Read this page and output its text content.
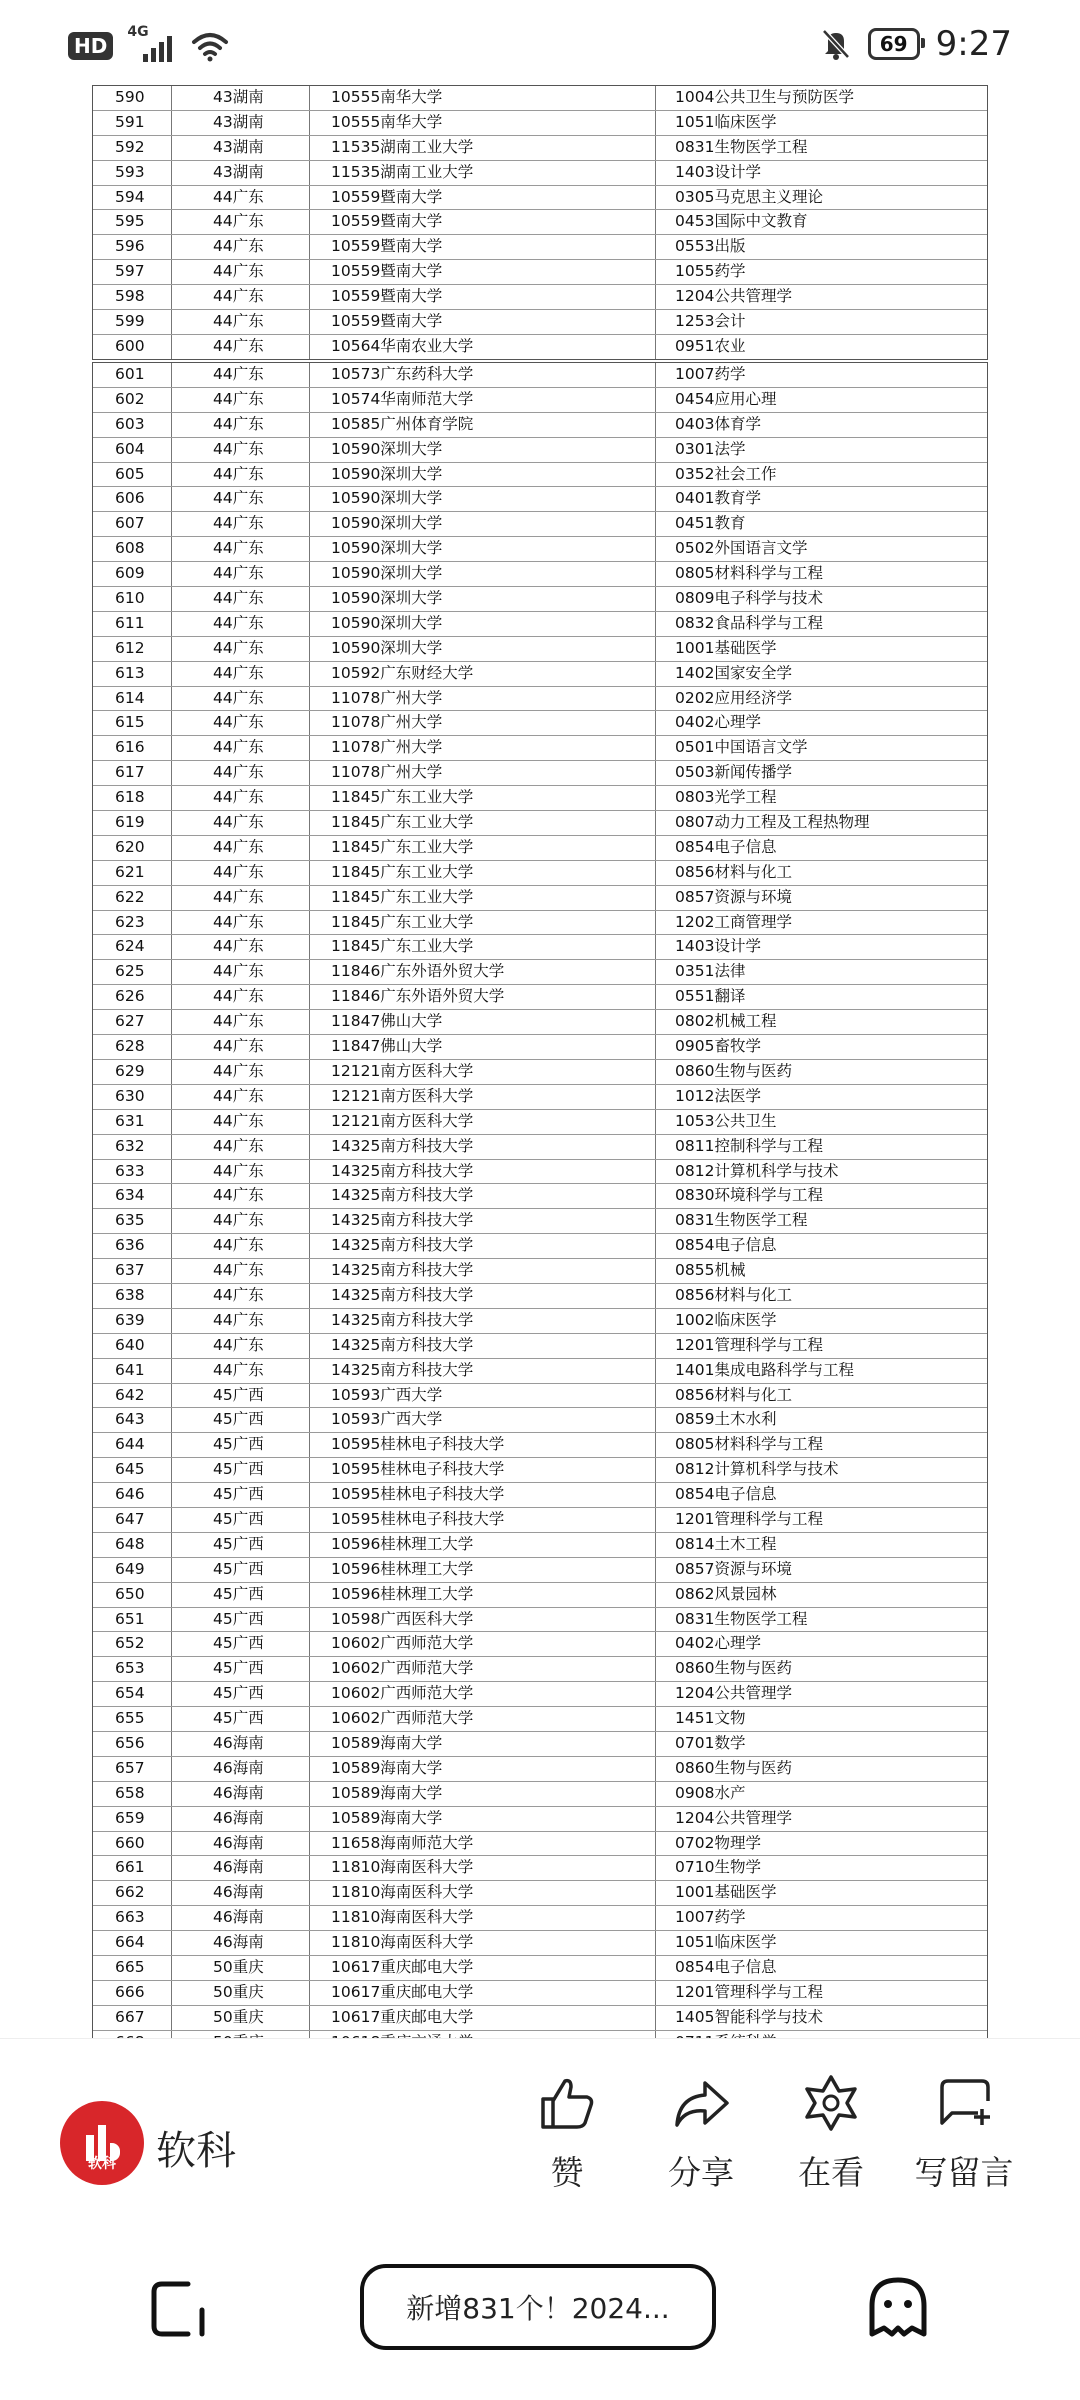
HD
4G	69 9:27
590	43湖南	10555南华大学	1004公共卫生与预防医学
591	43湖南	10555南华大学	1051临床医学
592	43湖南	11535湖南工业大学	0831生物医学工程
593	43湖南	11535湖南工业大学	1403设计学
594	44广东	10559暨南大学	0305马克思主义理论
595	44广东	10559暨南大学	0453国际中文教育
596	44广东	10559暨南大学	0553出版
597	44广东	10559暨南大学	1055药学
598	44广东	10559暨南大学	1204公共管理学
599	44广东	10559暨南大学	1253会计
600	44广东	10564华南农业大学	0951农业
601	44广东	10573广东药科大学	1007药学
602	44广东	10574华南师范大学	0454应用心理
603	44广东	10585广州体育学院	0403体育学
604	44广东	10590深圳大学	0301法学
605	44广东	10590深圳大学	0352社会工作
606	44广东	10590深圳大学	0401教育学
607	44广东	10590深圳大学	0451教育
608	44广东	10590深圳大学	0502外国语言文学
609	44广东	10590深圳大学	0805材料科学与工程
610	44广东	10590深圳大学	0809电子科学与技术
611	44广东	10590深圳大学	0832食品科学与工程
612	44广东	10590深圳大学	1001基础医学
613	44广东	10592广东财经大学	1402国家安全学
614	44广东	11078广州大学	0202应用经济学
615	44广东	11078广州大学	0402心理学
616	44广东	11078广州大学	0501中国语言文学
617	44广东	11078广州大学	0503新闻传播学
618	44广东	11845广东工业大学	0803光学工程
619	44广东	11845广东工业大学	0807动力工程及工程热物理
620	44广东	11845广东工业大学	0854电子信息
621	44广东	11845广东工业大学	0856材料与化工
622	44广东	11845广东工业大学	0857资源与环境
623	44广东	11845广东工业大学	1202工商管理学
624	44广东	11845广东工业大学	1403设计学
625	44广东	11846广东外语外贸大学	0351法律
626	44广东	11846广东外语外贸大学	0551翻译
627	44广东	11847佛山大学	0802机械工程
628	44广东	11847佛山大学	0905畜牧学
629	44广东	12121南方医科大学	0860生物与医药
630	44广东	12121南方医科大学	1012法医学
631	44广东	12121南方医科大学	1053公共卫生
632	44广东	14325南方科技大学	0811控制科学与工程
633	44广东	14325南方科技大学	0812计算机科学与技术
634	44广东	14325南方科技大学	0830环境科学与工程
635	44广东	14325南方科技大学	0831生物医学工程
636	44广东	14325南方科技大学	0854电子信息
637	44广东	14325南方科技大学	0855机械
638	44广东	14325南方科技大学	0856材料与化工
639	44广东	14325南方科技大学	1002临床医学
640	44广东	14325南方科技大学	1201管理科学与工程
641	44广东	14325南方科技大学	1401集成电路科学与工程
642	45广西	10593广西大学	0856材料与化工
643	45广西	10593广西大学	0859土木水利
644	45广西	10595桂林电子科技大学	0805材料科学与工程
645	45广西	10595桂林电子科技大学	0812计算机科学与技术
646	45广西	10595桂林电子科技大学	0854电子信息
647	45广西	10595桂林电子科技大学	1201管理科学与工程
648	45广西	10596桂林理工大学	0814土木工程
649	45广西	10596桂林理工大学	0857资源与环境
650	45广西	10596桂林理工大学	0862风景园林
651	45广西	10598广西医科大学	0831生物医学工程
652	45广西	10602广西师范大学	0402心理学
653	45广西	10602广西师范大学	0860生物与医药
654	45广西	10602广西师范大学	1204公共管理学
655	45广西	10602广西师范大学	1451文物
656	46海南	10589海南大学	0701数学
657	46海南	10589海南大学	0860生物与医药
658	46海南	10589海南大学	0908水产
659	46海南	10589海南大学	1204公共管理学
660	46海南	11658海南师范大学	0702物理学
661	46海南	11810海南医科大学	0710生物学
662	46海南	11810海南医科大学	1001基础医学
663	46海南	11810海南医科大学	1007药学
664	46海南	11810海南医科大学	1051临床医学
665	50重庆	10617重庆邮电大学	0854电子信息
666	50重庆	10617重庆邮电大学	1201管理科学与工程
667	50重庆	10617重庆邮电大学	1405智能科学与技术
软科	软科	赞	分享	在看	写留言
新增831个！2024...
